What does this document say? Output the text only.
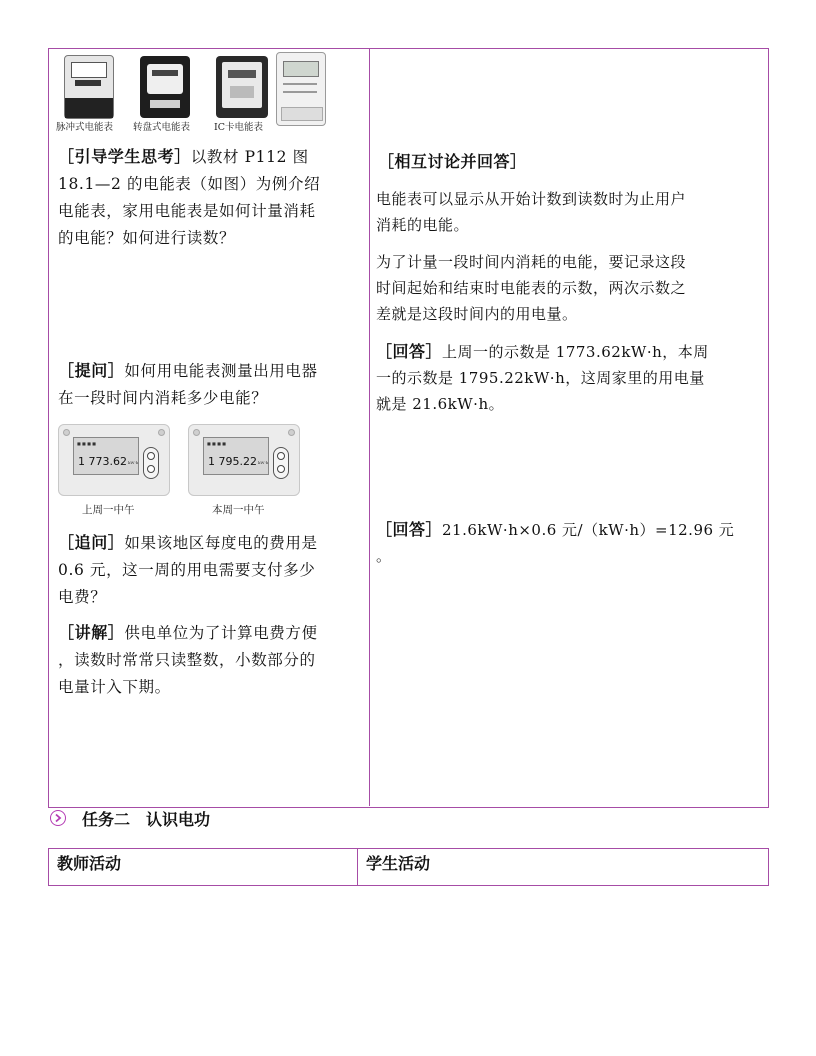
脉冲式电能表 转盘式电能表	IC卡电能表
［引导学生思考］以教材 P112 图
18.1—2 的电能表（如图）为例介绍
电能表，家用电能表是如何计量消耗
的电能？如何进行读数？
［提问］如何用电能表测量出用电器
在一段时间内消耗多少电能？
■ ■ ■ ■
1 773.62 kW·h
■ ■ ■ ■
1 795.22 kW·h
上周一中午	本周一中午
［追问］如果该地区每度电的费用是
0.6 元，这一周的用电需要支付多少
电费？
［讲解］供电单位为了计算电费方便
，读数时常常只读整数，小数部分的
电量计入下期。
［相互讨论并回答］
电能表可以显示从开始计数到读数时为止用户
消耗的电能。
为了计量一段时间内消耗的电能，要记录这段
时间起始和结束时电能表的示数，两次示数之
差就是这段时间内的用电量。
［回答］上周一的示数是 1773.62kW·h，本周
一的示数是 1795.22kW·h，这周家里的用电量
就是 21.6kW·h。
［回答］21.6kW·h×0.6 元/（kW·h）=12.96 元
。
任务二　认识电功
教师活动	学生活动
